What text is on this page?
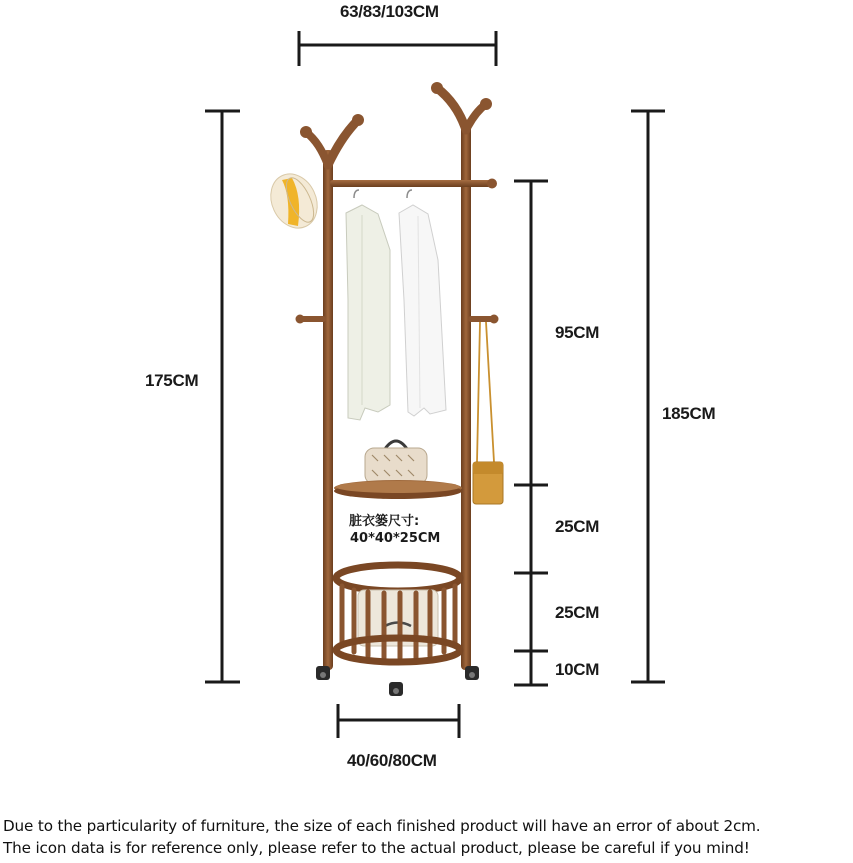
63/83/103CM
175CM
185CM
95CM
25CM
25CM
10CM
40/60/80CM
脏衣篓尺寸:
40*40*25CM
Due to the particularity of furniture, the size of each finished product will have an error of about 2cm.
The icon data is for reference only, please refer to the actual product, please be careful if you mind!
